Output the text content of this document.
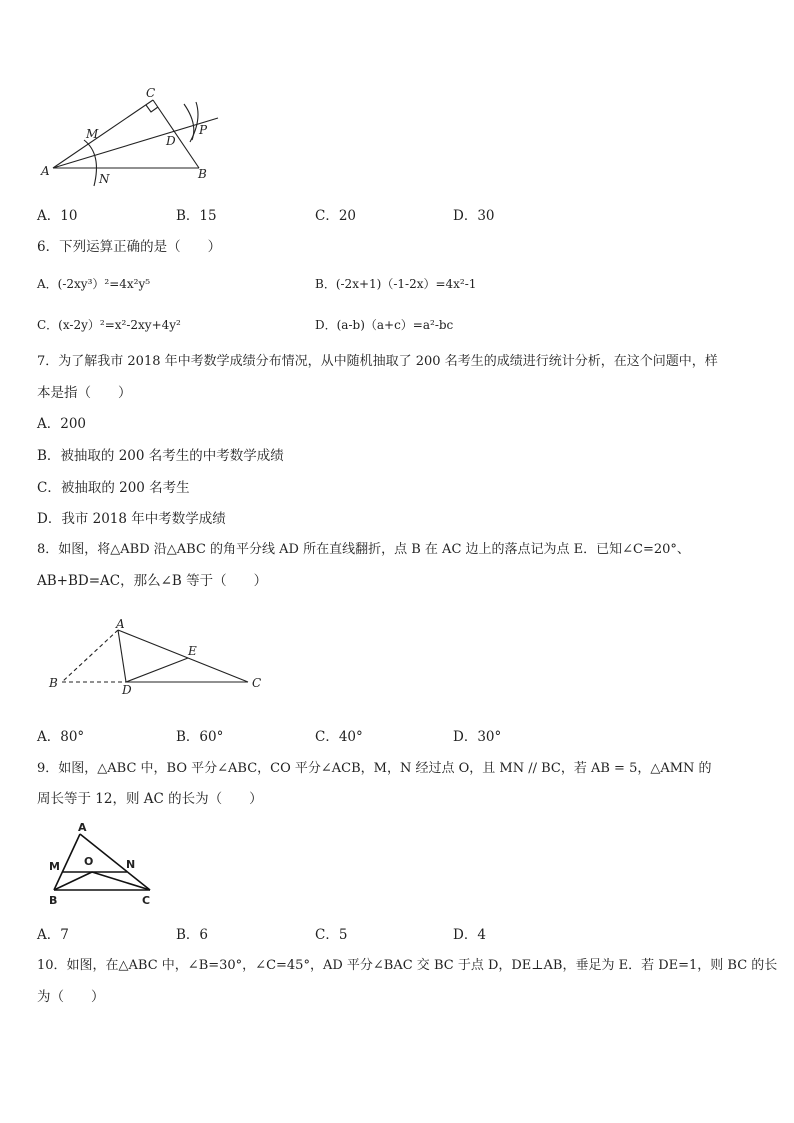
C
M	D
P
A
N	B
A．10	B．15	C．20	D．30
6．下列运算正确的是（　　）
A．(-2xy³）²=4x²y⁵	B．(-2x+1)（-1-2x）=4x²-1
C．(x-2y）²=x²-2xy+4y²	D．(a-b)（a+c）=a²-bc
7．为了解我市 2018 年中考数学成绩分布情况，从中随机抽取了 200 名考生的成绩进行统计分析，在这个问题中，样
本是指（　　）
A．200
B．被抽取的 200 名考生的中考数学成绩
C．被抽取的 200 名考生
D．我市 2018 年中考数学成绩
8．如图，将△ABD 沿△ABC 的角平分线 AD 所在直线翻折，点 B 在 AC 边上的落点记为点 E．已知∠C=20°、
AB+BD=AC，那么∠B 等于（　　）
A
E
B	D	C
A．80°	B．60°	C．40°	D．30°
9．如图，△ABC 中，BO 平分∠ABC，CO 平分∠ACB，M，N 经过点 O，且 MN // BC，若 AB = 5，△AMN 的
周长等于 12，则 AC 的长为（　　）
A
M O	N
B	C
A．7	B．6	C．5	D．4
10．如图，在△ABC 中，∠B=30°，∠C=45°，AD 平分∠BAC 交 BC 于点 D，DE⊥AB，垂足为 E．若 DE=1，则 BC 的长
为（　　）
